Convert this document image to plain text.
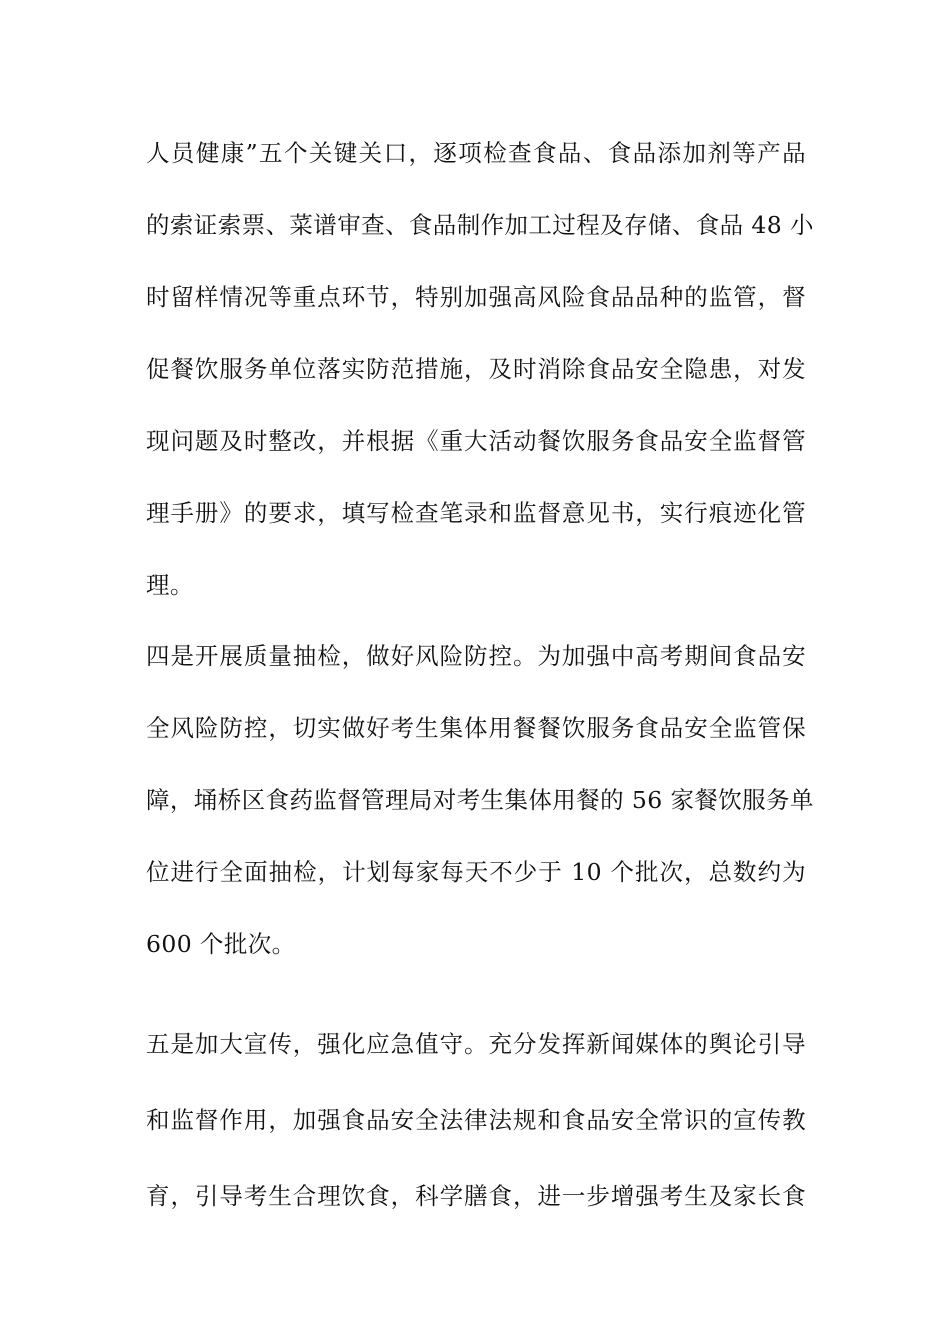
人员健康”五个关键关口，逐项检查食品、食品添加剂等产品
的索证索票、菜谱审查、食品制作加工过程及存储、食品 48 小
时留样情况等重点环节，特别加强高风险食品品种的监管，督
促餐饮服务单位落实防范措施，及时消除食品安全隐患，对发
现问题及时整改，并根据《重大活动餐饮服务食品安全监督管
理手册》的要求，填写检查笔录和监督意见书，实行痕迹化管
理。
四是开展质量抽检，做好风险防控。为加强中高考期间食品安
全风险防控，切实做好考生集体用餐餐饮服务食品安全监管保
障，埇桥区食药监督管理局对考生集体用餐的 56 家餐饮服务单
位进行全面抽检，计划每家每天不少于 10 个批次，总数约为
600 个批次。
五是加大宣传，强化应急值守。充分发挥新闻媒体的舆论引导
和监督作用，加强食品安全法律法规和食品安全常识的宣传教
育，引导考生合理饮食，科学膳食，进一步增强考生及家长食
